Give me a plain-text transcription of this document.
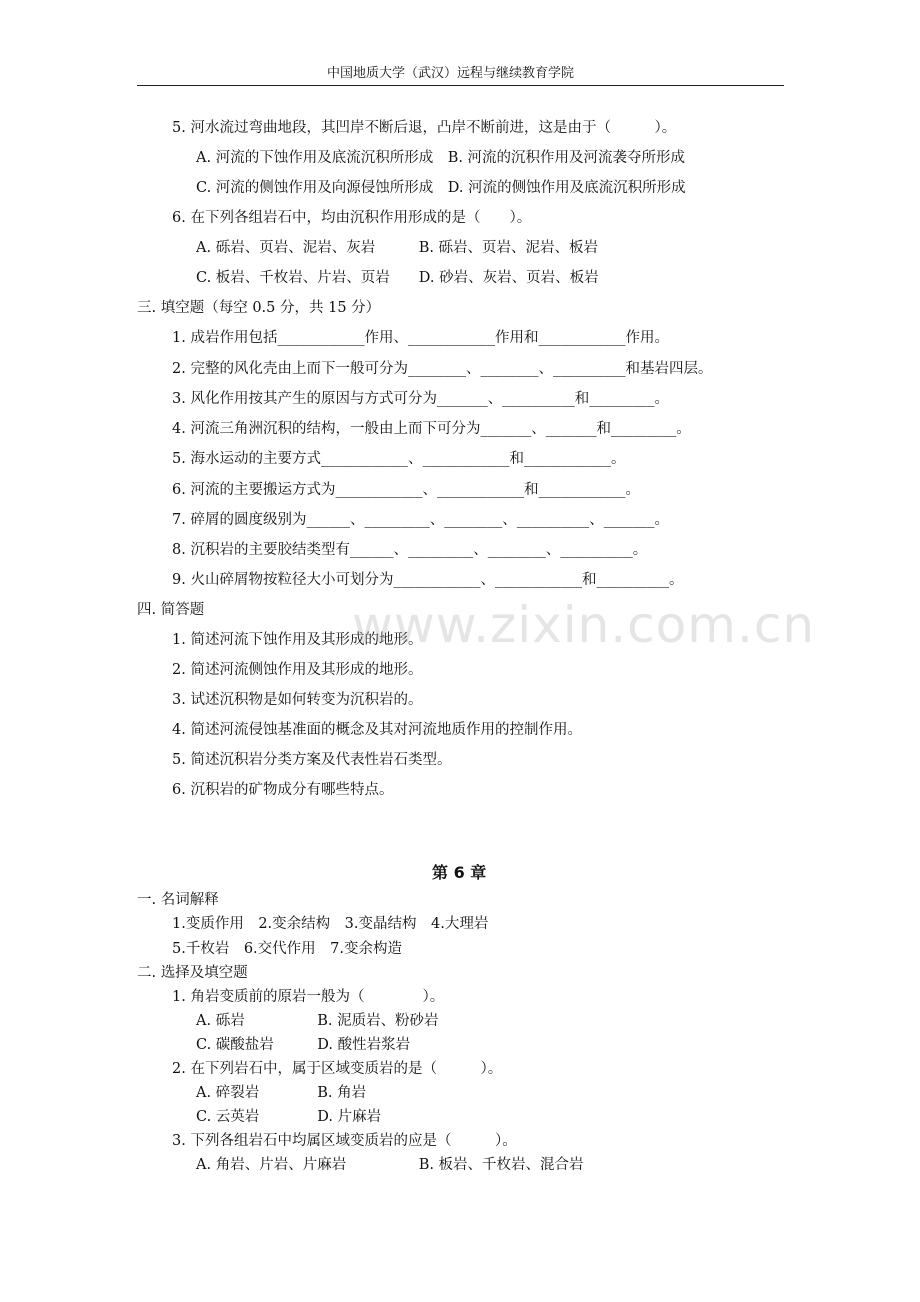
中国地质大学（武汉）远程与继续教育学院
5. 河水流过弯曲地段，其凹岸不断后退，凸岸不断前进，这是由于（　　　）。
A. 河流的下蚀作用及底流沉积所形成　B. 河流的沉积作用及河流袭夺所形成
C. 河流的侧蚀作用及向源侵蚀所形成　D. 河流的侧蚀作用及底流沉积所形成
6. 在下列各组岩石中，均由沉积作用形成的是（　　）。
A. 砾岩、页岩、泥岩、灰岩　　　B. 砾岩、页岩、泥岩、板岩
C. 板岩、千枚岩、片岩、页岩　　D. 砂岩、灰岩、页岩、板岩
三. 填空题（每空 0.5 分，共 15 分）
1. 成岩作用包括____________作用、____________作用和____________作用。
2. 完整的风化壳由上而下一般可分为________、________、__________和基岩四层。
3. 风化作用按其产生的原因与方式可分为_______、__________和_________。
4. 河流三角洲沉积的结构，一般由上而下可分为_______、_______和_________。
5. 海水运动的主要方式____________、____________和____________。
6. 河流的主要搬运方式为____________、____________和____________。
7. 碎屑的圆度级别为______、_________、________、__________、_______。
8. 沉积岩的主要胶结类型有______、_________、________、__________。
9. 火山碎屑物按粒径大小可划分为____________、____________和__________。
四. 简答题
1. 简述河流下蚀作用及其形成的地形。
2. 简述河流侧蚀作用及其形成的地形。
3. 试述沉积物是如何转变为沉积岩的。
4. 简述河流侵蚀基准面的概念及其对河流地质作用的控制作用。
5. 简述沉积岩分类方案及代表性岩石类型。
6. 沉积岩的矿物成分有哪些特点。
第 6 章
一. 名词解释
1.变质作用　2.变余结构　3.变晶结构　4.大理岩
5.千枚岩　6.交代作用　7.变余构造
二. 选择及填空题
1. 角岩变质前的原岩一般为（　　　　）。
A. 砾岩　　　　　B. 泥质岩、粉砂岩
C. 碳酸盐岩　　　D. 酸性岩浆岩
2. 在下列岩石中，属于区域变质岩的是（　　　）。
A. 碎裂岩　　　　B. 角岩
C. 云英岩　　　　D. 片麻岩
3. 下列各组岩石中均属区域变质岩的应是（　　　）。
A. 角岩、片岩、片麻岩　　　　　B. 板岩、千枚岩、混合岩
www.zixin.com.cn
